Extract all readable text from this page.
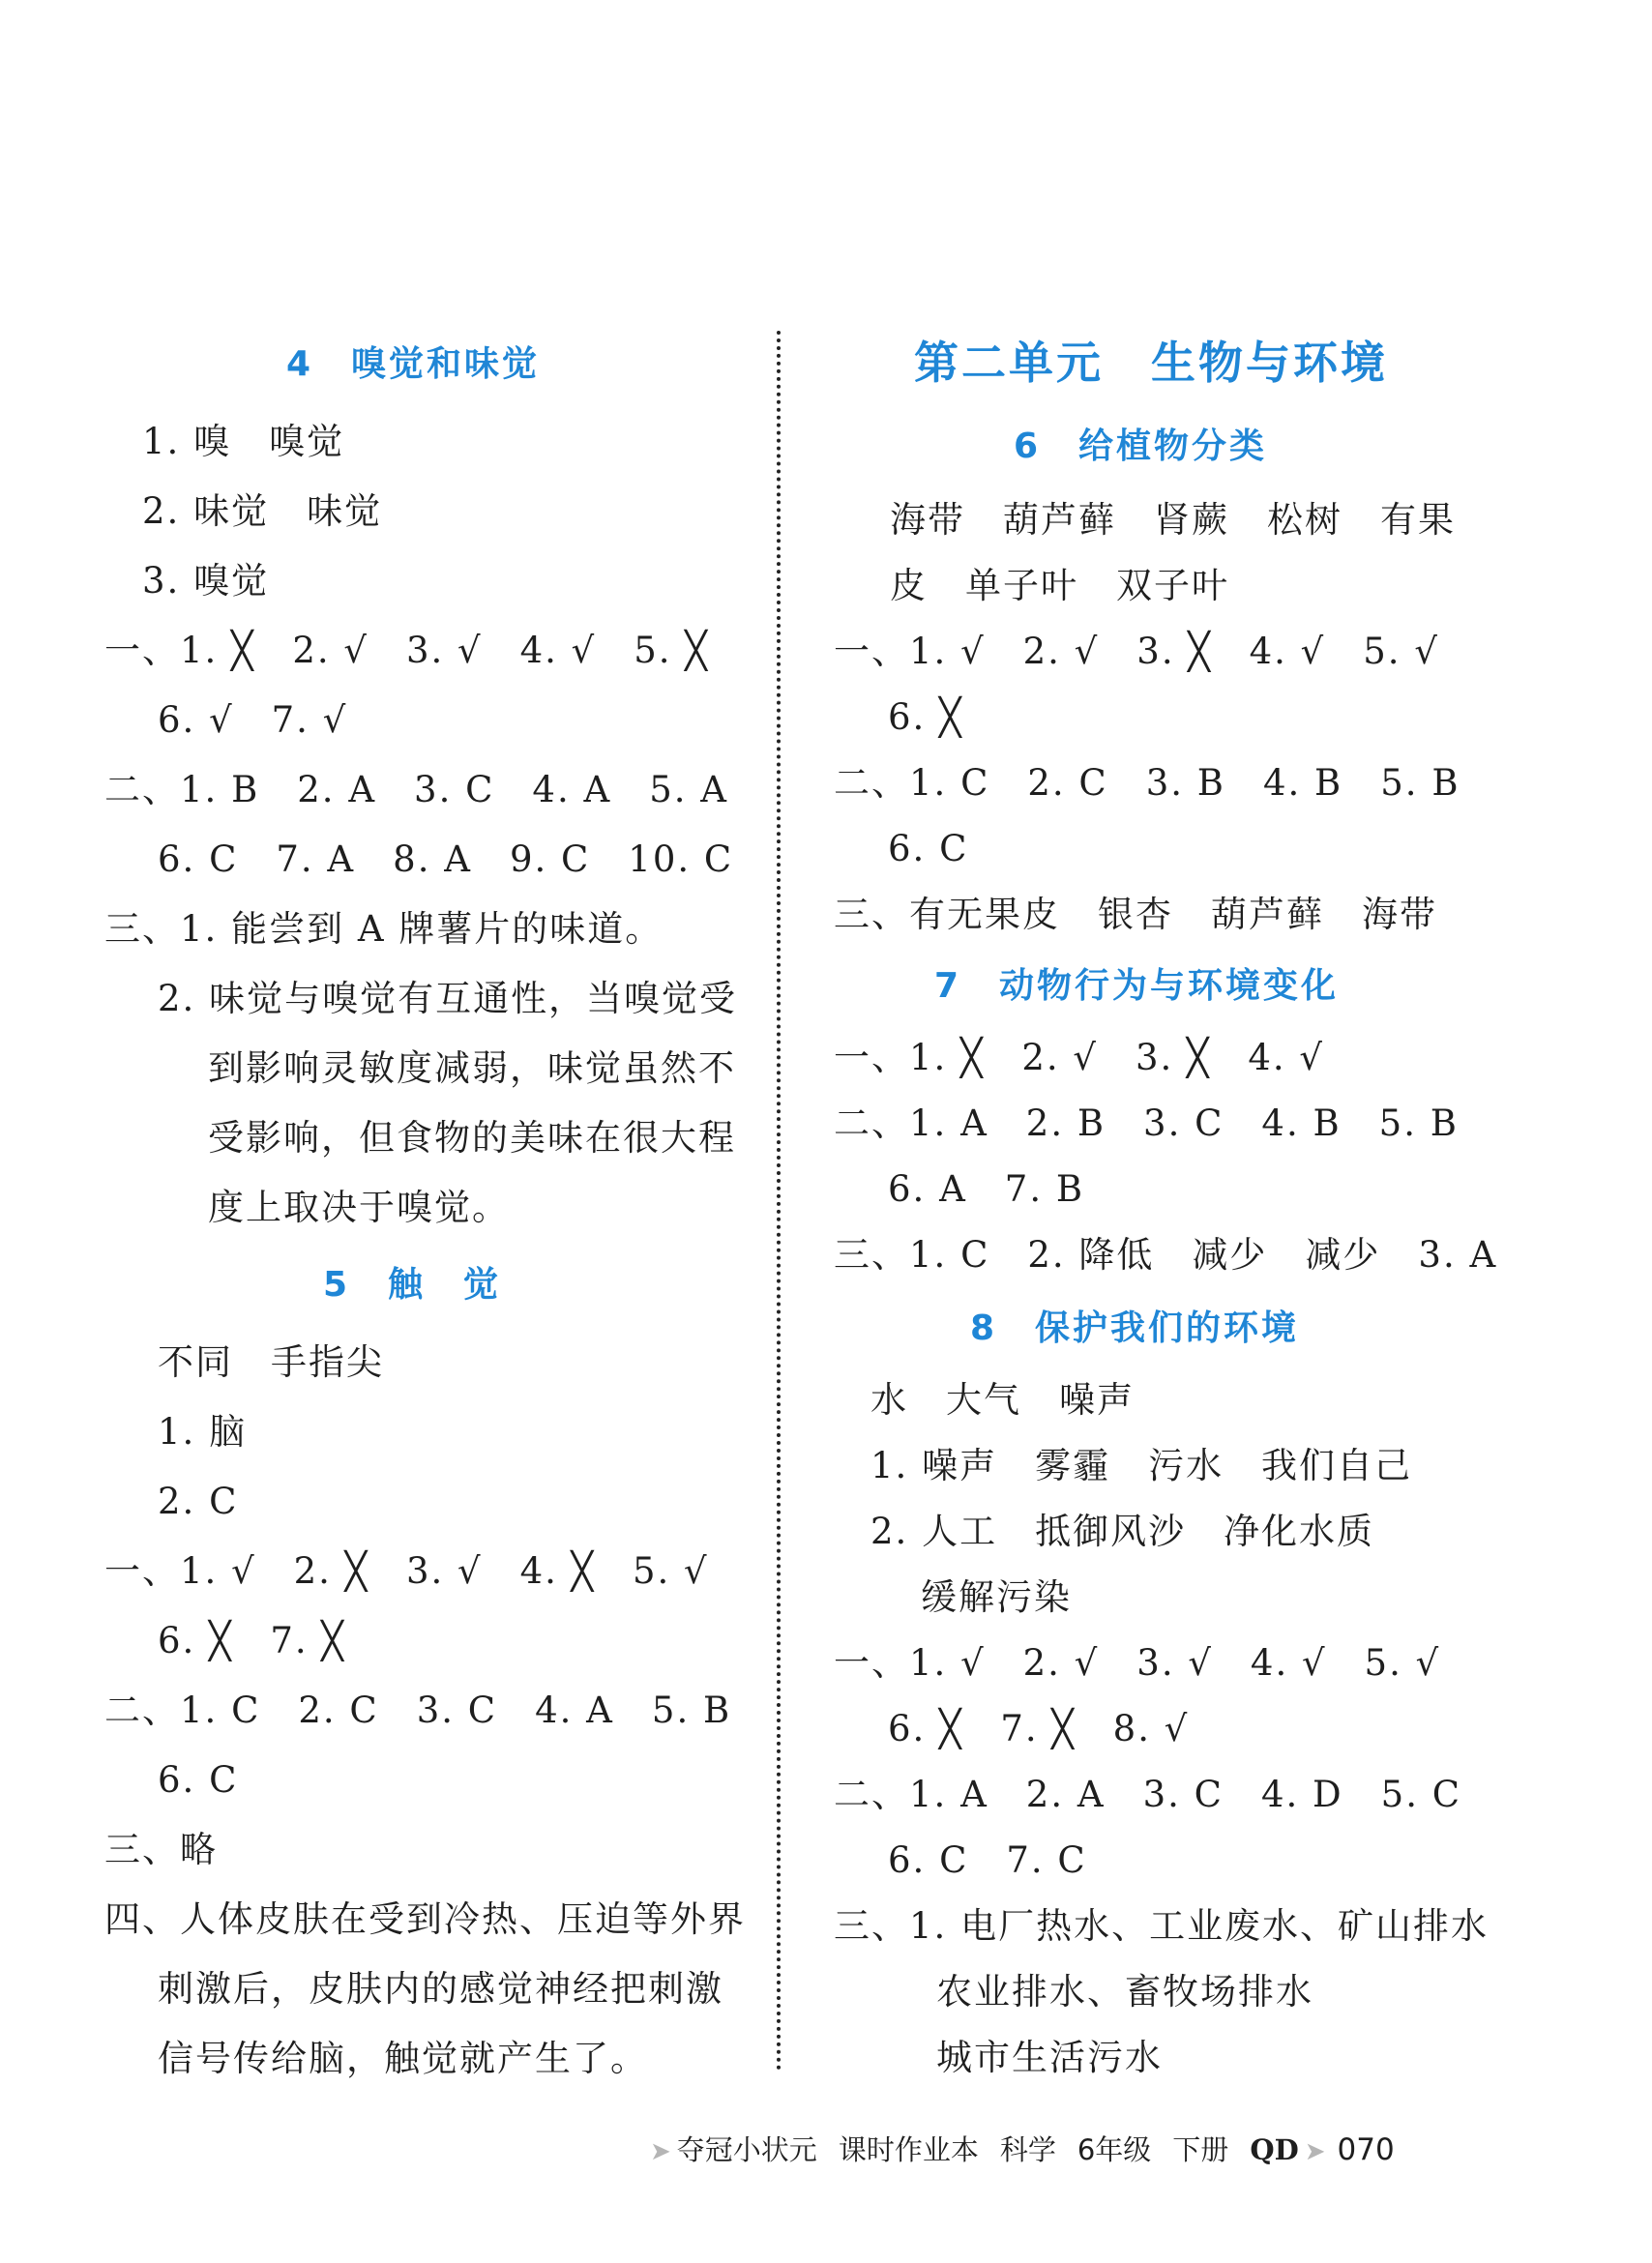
4　嗅觉和味觉
1. 嗅　嗅觉
2. 味觉　味觉
3. 嗅觉
一、1. ╳　2. √　3. √　4. √　5. ╳
6. √　7. √
二、1. B　2. A　3. C　4. A　5. A
6. C　7. A　8. A　9. C　10. C
三、1. 能尝到 A 牌薯片的味道。
2. 味觉与嗅觉有互通性，当嗅觉受
到影响灵敏度减弱，味觉虽然不
受影响，但食物的美味在很大程
度上取决于嗅觉。
5　触　觉
不同　手指尖
1. 脑
2. C
一、1. √　2. ╳　3. √　4. ╳　5. √
6. ╳　7. ╳
二、1. C　2. C　3. C　4. A　5. B
6. C
三、略
四、人体皮肤在受到冷热、压迫等外界
刺激后，皮肤内的感觉神经把刺激
信号传给脑，触觉就产生了。
第二单元　生物与环境
6　给植物分类
海带　葫芦藓　肾蕨　松树　有果
皮　单子叶　双子叶
一、1. √　2. √　3. ╳　4. √　5. √
6. ╳
二、1. C　2. C　3. B　4. B　5. B
6. C
三、有无果皮　银杏　葫芦藓　海带
7　动物行为与环境变化
一、1. ╳　2. √　3. ╳　4. √
二、1. A　2. B　3. C　4. B　5. B
6. A　7. B
三、1. C　2. 降低　减少　减少　3. A
8　保护我们的环境
水　大气　噪声
1. 噪声　雾霾　污水　我们自己
2. 人工　抵御风沙　净化水质
缓解污染
一、1. √　2. √　3. √　4. √　5. √
6. ╳　7. ╳　8. √
二、1. A　2. A　3. C　4. D　5. C
6. C　7. C
三、1. 电厂热水、工业废水、矿山排水
农业排水、畜牧场排水
城市生活污水
➤ 夺冠小状元 课时作业本 科学 6年级 下册 QD ➤ 070
